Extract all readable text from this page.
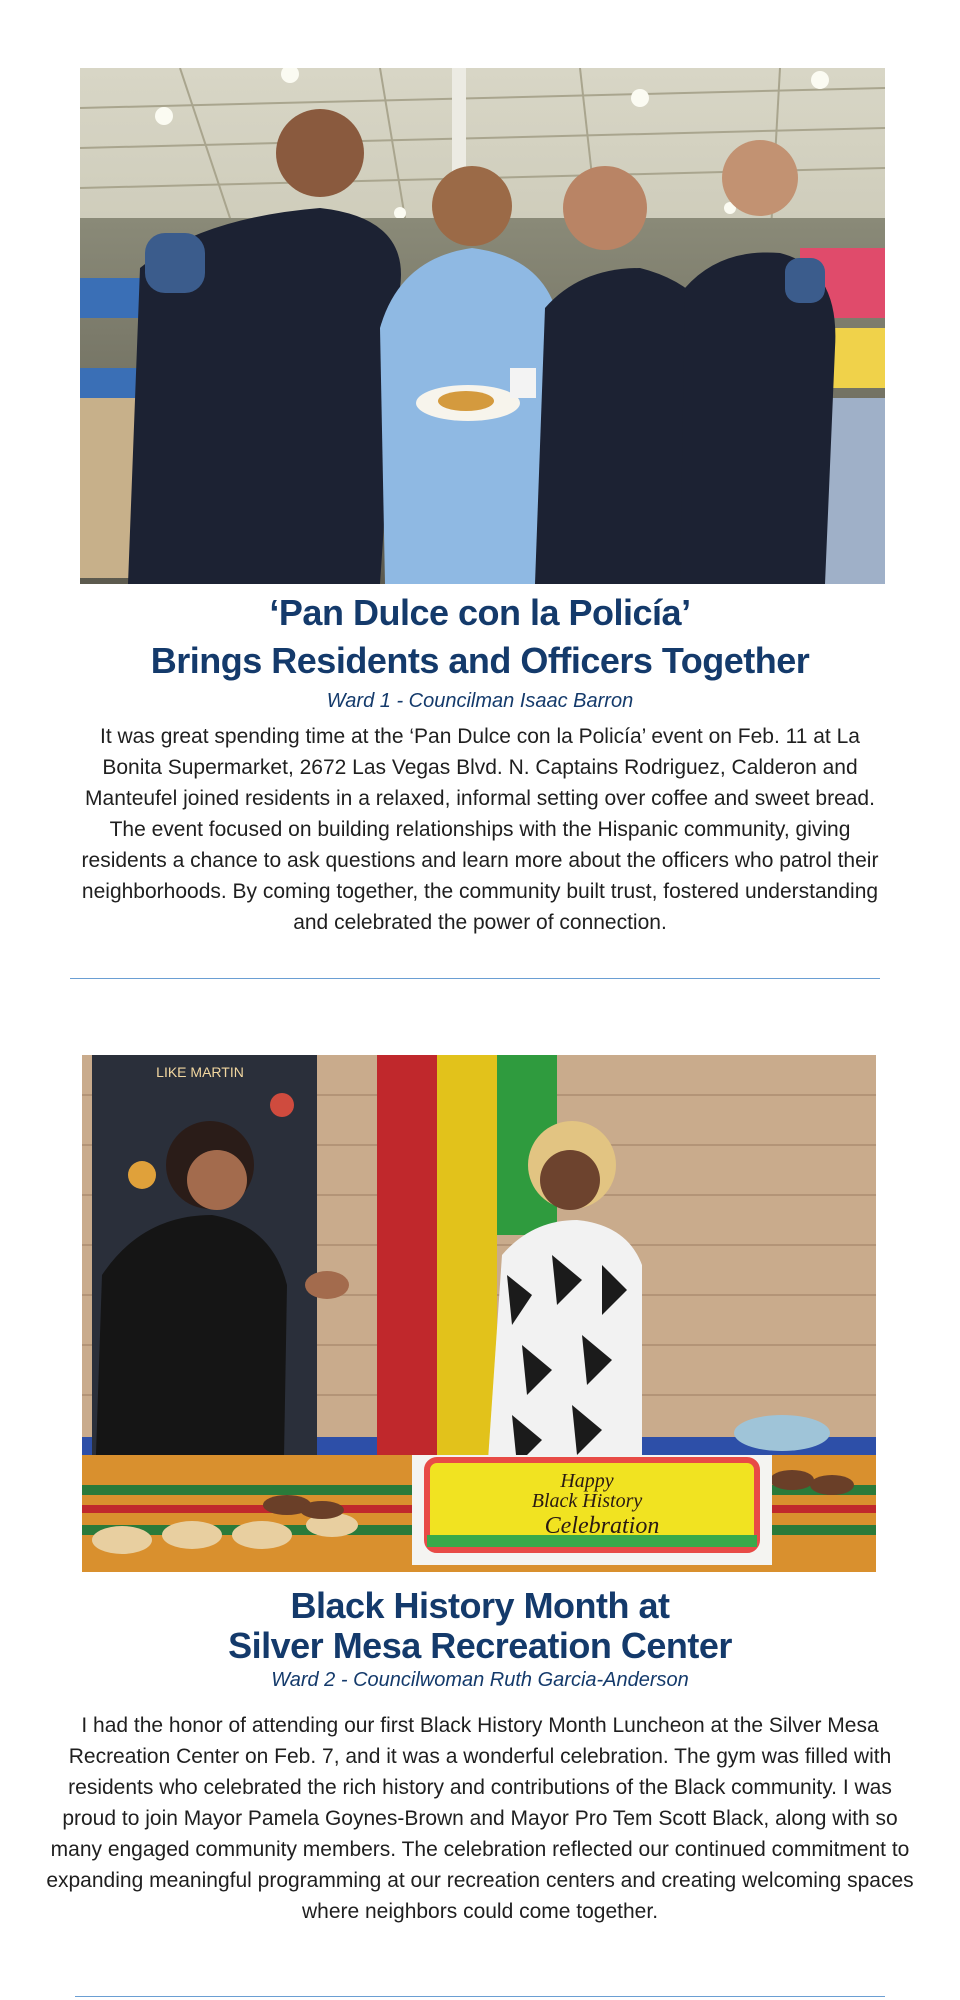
‘Pan Dulce con la Policía’
Brings Residents and Officers Together
Ward 1 - Councilman Isaac Barron
It was great spending time at the ‘Pan Dulce con la Policía’ event on Feb. 11 at La Bonita Supermarket, 2672 Las Vegas Blvd. N. Captains Rodriguez, Calderon and Manteufel joined residents in a relaxed, informal setting over coffee and sweet bread. The event focused on building relationships with the Hispanic community, giving residents a chance to ask questions and learn more about the officers who patrol their neighborhoods. By coming together, the community built trust, fostered understanding and celebrated the power of connection.
LIKE MARTIN
Happy
Black History
Celebration
Black History Month at
Silver Mesa Recreation Center
Ward 2 - Councilwoman Ruth Garcia-Anderson
I had the honor of attending our first Black History Month Luncheon at the Silver Mesa Recreation Center on Feb. 7, and it was a wonderful celebration. The gym was filled with residents who celebrated the rich history and contributions of the Black community. I was proud to join Mayor Pamela Goynes-Brown and Mayor Pro Tem Scott Black, along with so many engaged community members. The celebration reflected our continued commitment to expanding meaningful programming at our recreation centers and creating welcoming spaces where neighbors could come together.
